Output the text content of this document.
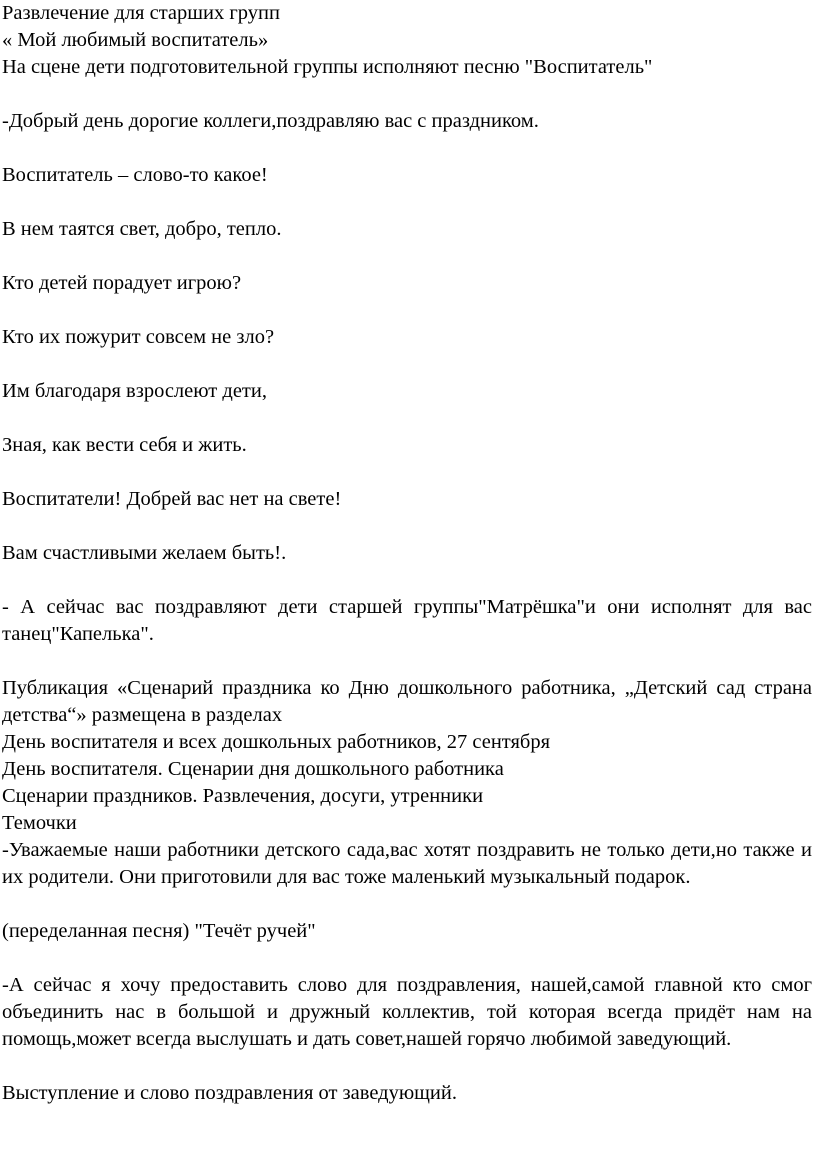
Развлечение для старших групп
« Мой любимый воспитатель»
На сцене дети подготовительной группы исполняют песню "Воспитатель"
-Добрый день дорогие коллеги,поздравляю вас с праздником.
Воспитатель – слово-то какое!
В нем таятся свет, добро, тепло.
Кто детей порадует игрою?
Кто их пожурит совсем не зло?
Им благодаря взрослеют дети,
Зная, как вести себя и жить.
Воспитатели! Добрей вас нет на свете!
Вам счастливыми желаем быть!.
- А сейчас вас поздравляют дети старшей группы"Матрёшка"и они исполнят для вас танец"Капелька".
Публикация «Сценарий праздника ко Дню дошкольного работника, „Детский сад страна детства“» размещена в разделах
День воспитателя и всех дошкольных работников, 27 сентября
День воспитателя. Сценарии дня дошкольного работника
Сценарии праздников. Развлечения, досуги, утренники
Темочки
-Уважаемые наши работники детского сада,вас хотят поздравить не только дети,но также и их родители. Они приготовили для вас тоже маленький музыкальный подарок.
(переделанная песня) "Течёт ручей"
-А сейчас я хочу предоставить слово для поздравления, нашей,самой главной кто смог объединить нас в большой и дружный коллектив, той которая всегда придёт нам на помощь,может всегда выслушать и дать совет,нашей горячо любимой заведующий.
Выступление и слово поздравления от заведующий.
